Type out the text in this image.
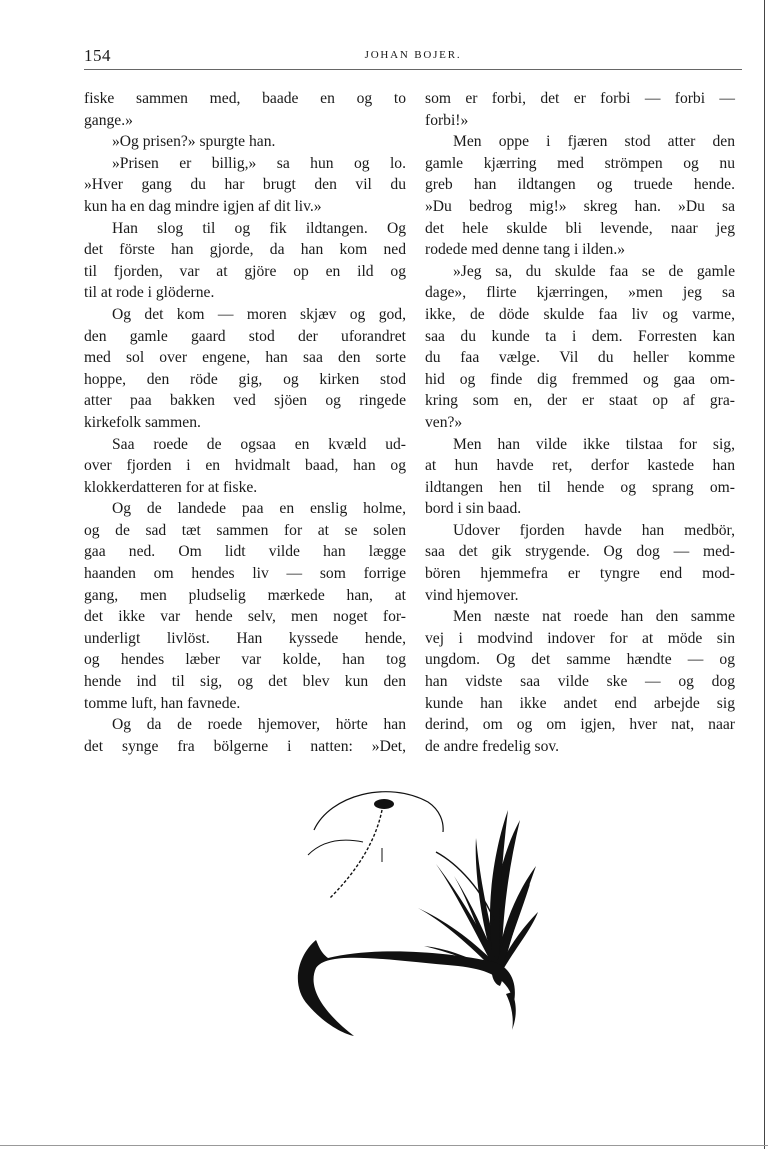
154	JOHAN BOJER.
fiske sammen med, baade en og to
gange.»
»Og prisen?» spurgte han.
»Prisen er billig,» sa hun og lo.
»Hver gang du har brugt den vil du
kun ha en dag mindre igjen af dit liv.»
Han slog til og fik ildtangen. Og
det förste han gjorde, da han kom ned
til fjorden, var at gjöre op en ild og
til at rode i glöderne.
Og det kom — moren skjæv og god,
den gamle gaard stod der uforandret
med sol over engene, han saa den sorte
hoppe, den röde gig, og kirken stod
atter paa bakken ved sjöen og ringede
kirkefolk sammen.
Saa roede de ogsaa en kvæld ud-
over fjorden i en hvidmalt baad, han og
klokkerdatteren for at fiske.
Og de landede paa en enslig holme,
og de sad tæt sammen for at se solen
gaa ned. Om lidt vilde han lægge
haanden om hendes liv — som forrige
gang, men pludselig mærkede han, at
det ikke var hende selv, men noget for-
underligt livlöst. Han kyssede hende,
og hendes læber var kolde, han tog
hende ind til sig, og det blev kun den
tomme luft, han favnede.
Og da de roede hjemover, hörte han
det synge fra bölgerne i natten: »Det,
som er forbi, det er forbi — forbi —
forbi!»
Men oppe i fjæren stod atter den
gamle kjærring med strömpen og nu
greb han ildtangen og truede hende.
»Du bedrog mig!» skreg han. »Du sa
det hele skulde bli levende, naar jeg
rodede med denne tang i ilden.»
»Jeg sa, du skulde faa se de gamle
dage», flirte kjærringen, »men jeg sa
ikke, de döde skulde faa liv og varme,
saa du kunde ta i dem. Forresten kan
du faa vælge. Vil du heller komme
hid og finde dig fremmed og gaa om-
kring som en, der er staat op af gra-
ven?»
Men han vilde ikke tilstaa for sig,
at hun havde ret, derfor kastede han
ildtangen hen til hende og sprang om-
bord i sin baad.
Udover fjorden havde han medbör,
saa det gik strygende. Og dog — med-
bören hjemmefra er tyngre end mod-
vind hjemover.
Men næste nat roede han den samme
vej i modvind indover for at möde sin
ungdom. Og det samme hændte — og
han vidste saa vilde ske — og dog
kunde han ikke andet end arbejde sig
derind, om og om igjen, hver nat, naar
de andre fredelig sov.
